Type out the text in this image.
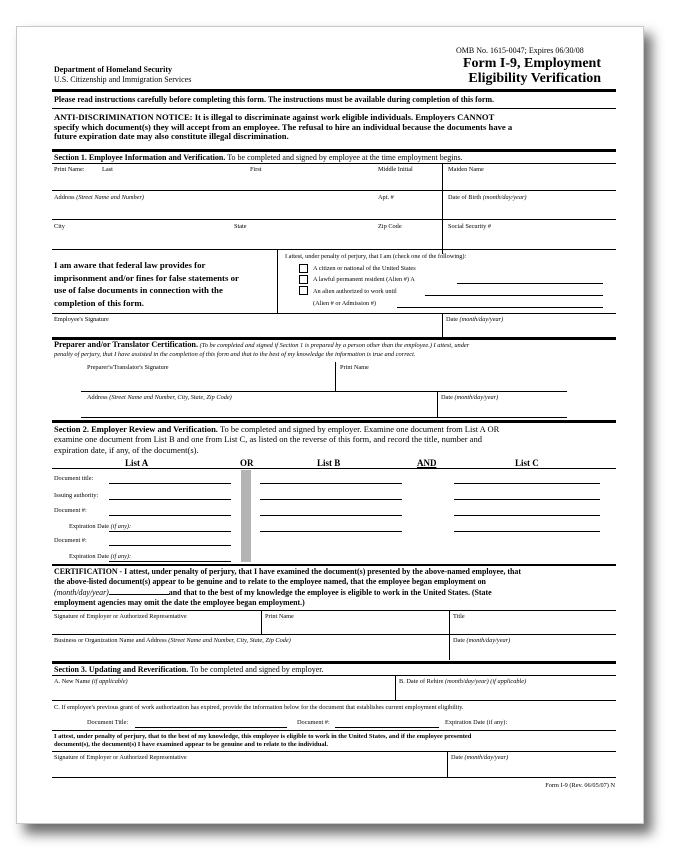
OMB No. 1615-0047; Expires 06/30/08
Department of Homeland Security
U.S. Citizenship and Immigration Services
Form I-9, Employment
Eligibility Verification
Please read instructions carefully before completing this form. The instructions must be available during completion of this form.
ANTI-DISCRIMINATION NOTICE: It is illegal to discriminate against work eligible individuals. Employers CANNOT
specify which document(s) they will accept from an employee. The refusal to hire an individual because the documents have a
future expiration date may also constitute illegal discrimination.
Section 1. Employee Information and Verification. To be completed and signed by employee at the time employment begins.
Print Name:	Last	First	Middle Initial	Maiden Name
Address (Street Name and Number)	Apt. #	Date of Birth (month/day/year)
City	State	Zip Code	Social Security #
I am aware that federal law provides for
imprisonment and/or fines for false statements or
use of false documents in connection with the
completion of this form.
I attest, under penalty of perjury, that I am (check one of the following):
A citizen or national of the United States
A lawful permanent resident (Alien #) A
An alien authorized to work until
(Alien # or Admission #)
Employee's Signature	Date (month/day/year)
Preparer and/or Translator Certification. (To be completed and signed if Section 1 is prepared by a person other than the employee.) I attest, under
penalty of perjury, that I have assisted in the completion of this form and that to the best of my knowledge the information is true and correct.
Preparer's/Translator's Signature	Print Name
Address (Street Name and Number, City, State, Zip Code)	Date (month/day/year)
Section 2. Employer Review and Verification. To be completed and signed by employer. Examine one document from List A OR
examine one document from List B and one from List C, as listed on the reverse of this form, and record the title, number and
expiration date, if any, of the document(s).
List A	OR	List B	AND	List C
Document title:
Issuing authority:
Document #:
Expiration Date (if any):
Document #:
Expiration Date (if any):
CERTIFICATION - I attest, under penalty of perjury, that I have examined the document(s) presented by the above-named employee, that
the above-listed document(s) appear to be genuine and to relate to the employee named, that the employee began employment on
(month/day/year)	and that to the best of my knowledge the employee is eligible to work in the United States. (State
employment agencies may omit the date the employee began employment.)
Signature of Employer or Authorized Representative	Print Name	Title
Business or Organization Name and Address (Street Name and Number, City, State, Zip Code)	Date (month/day/year)
Section 3. Updating and Reverification. To be completed and signed by employer.
A. New Name (if applicable)	B. Date of Rehire (month/day/year) (if applicable)
C. If employee's previous grant of work authorization has expired, provide the information below for the document that establishes current employment eligibility.
Document Title:	Document #:	Expiration Date (if any):
I attest, under penalty of perjury, that to the best of my knowledge, this employee is eligible to work in the United States, and if the employee presented
document(s), the document(s) I have examined appear to be genuine and to relate to the individual.
Signature of Employer or Authorized Representative	Date (month/day/year)
Form I-9 (Rev. 06/05/07) N
